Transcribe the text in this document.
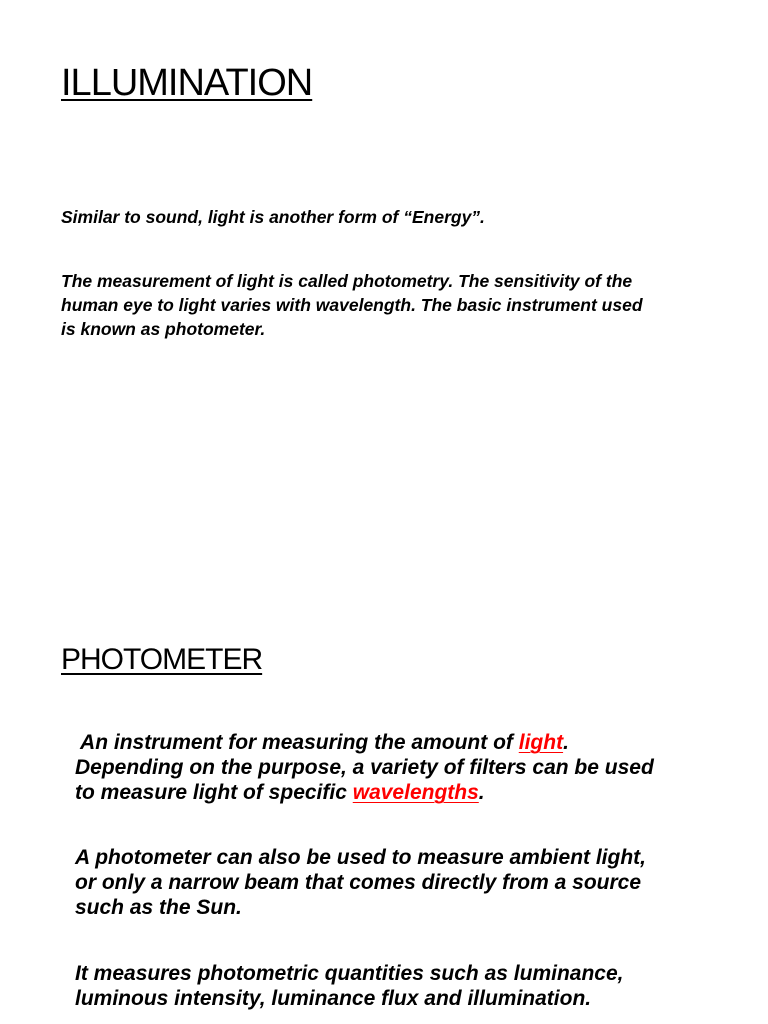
ILLUMINATION

Similar to sound, light is another form of “Energy”.

The measurement of light is called photometry. The sensitivity of the
human eye to light varies with wavelength. The basic instrument used
is known as photometer.

PHOTOMETER

An instrument for measuring the amount of light.
Depending on the purpose, a variety of filters can be used
to measure light of specific wavelengths.

A photometer can also be used to measure ambient light,
or only a narrow beam that comes directly from a source
such as the Sun.

It measures photometric quantities such as luminance,
luminous intensity, luminance flux and illumination.
